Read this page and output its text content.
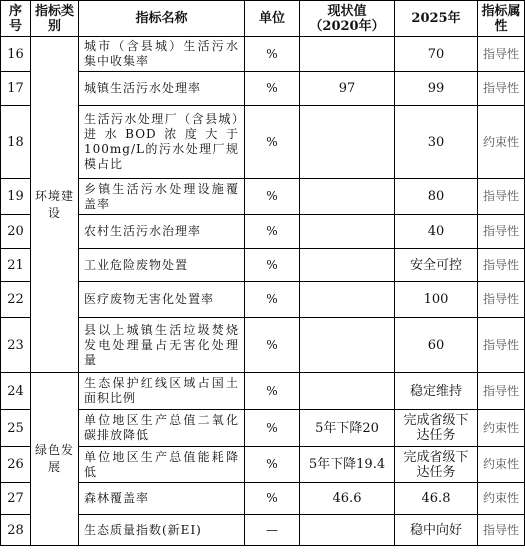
序号	指标类别	指标名称	单位	现状值（2020年）	2025年	指标属性
16	环境建设	城市（含县城）生活污水集中收集率	%		70	指导性
17		城镇生活污水处理率	%	97	99	指导性
18		生活污水处理厂（含县城）进水BOD浓度大于100mg/L的污水处理厂规模占比	%		30	约束性
19		乡镇生活污水处理设施覆盖率	%		80	指导性
20		农村生活污水治理率	%		40	指导性
21		工业危险废物处置	%		安全可控	指导性
22		医疗废物无害化处置率	%		100	指导性
23		县以上城镇生活垃圾焚烧发电处理量占无害化处理量	%		60	指导性
24	绿色发展	生态保护红线区域占国土面积比例	%		稳定维持	指导性
25		单位地区生产总值二氧化碳排放降低	%	5年下降20	完成省级下达任务	约束性
26		单位地区生产总值能耗降低	%	5年下降19.4	完成省级下达任务	约束性
27		森林覆盖率	%	46.6	46.8	约束性
28		生态质量指数(新EI)	—		稳中向好	指导性
